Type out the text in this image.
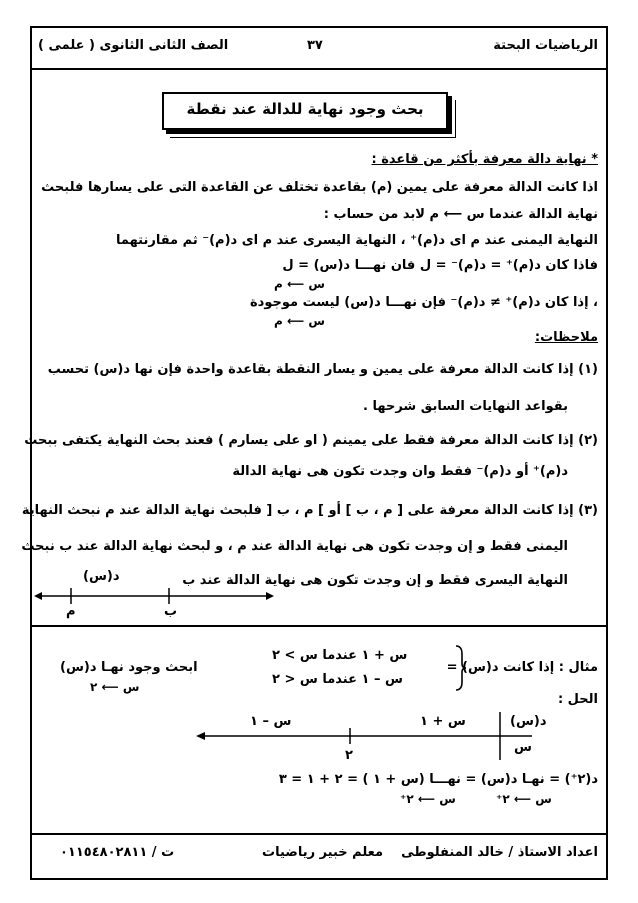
الرياضيات البحتة
٣٧
الصف الثانى الثانوى ( علمى )
بحث وجود نهاية للدالة عند نقطة
* نهاية دالة معرفة بأكثر من قاعدة :
اذا كانت الدالة معرفة على يمين (م) بقاعدة تختلف عن القاعدة التى على يسارها فلبحث
نهاية الدالة عندما س ⟵ م لابد من حساب :
النهاية اليمنى عند م اى د(م)⁺ ، النهاية اليسرى عند م اى د(م)⁻ ثم مقارنتهما
فاذا كان د(م)⁺ = د(م)⁻ = ل فان نهـــا د(س) = ل
س ⟵ م
، إذا كان د(م)⁺ ≠ د(م)⁻ فإن نهـــا د(س) ليست موجودة
س ⟵ م
ملاحظات:
(١) إذا كانت الدالة معرفة على يمين و يسار النقطة بقاعدة واحدة فإن نها د(س) تحسب
بقواعد النهايات السابق شرحها .
(٢) إذا كانت الدالة معرفة فقط على يمينم ( او على يسارم ) فعند بحث النهاية يكتفى ببحث
د(م)⁺ أو د(م)⁻ فقط وان وجدت تكون هى نهاية الدالة
(٣) إذا كانت الدالة معرفة على [ م ، ب ] أو ] م ، ب [ فلبحث نهاية الدالة عند م نبحث النهاية
اليمنى فقط و إن وجدت تكون هى نهاية الدالة عند م ، و لبحث نهاية الدالة عند ب نبحث
النهاية اليسرى فقط و إن وجدت تكون هى نهاية الدالة عند ب
د(س)
م	ب
مثال : إذا كانت د(س) =
س + ١ عندما س > ٢
س – ١ عندما س < ٢
ابحث وجود نهـا د(س)
س ⟵ ٢
الحل :
د(س)
س
س + ١
س – ١
٢
د(٢⁺) = نهـا د(س) = نهـــا (س + ١ ) = ٢ + ١ = ٣
س ⟵ ٢⁺
س ⟵ ٢⁺
اعداد الاستاذ / خالد المنفلوطى
معلم خبير رياضيات
ت / ٠١١٥٤٨٠٢٨١١
